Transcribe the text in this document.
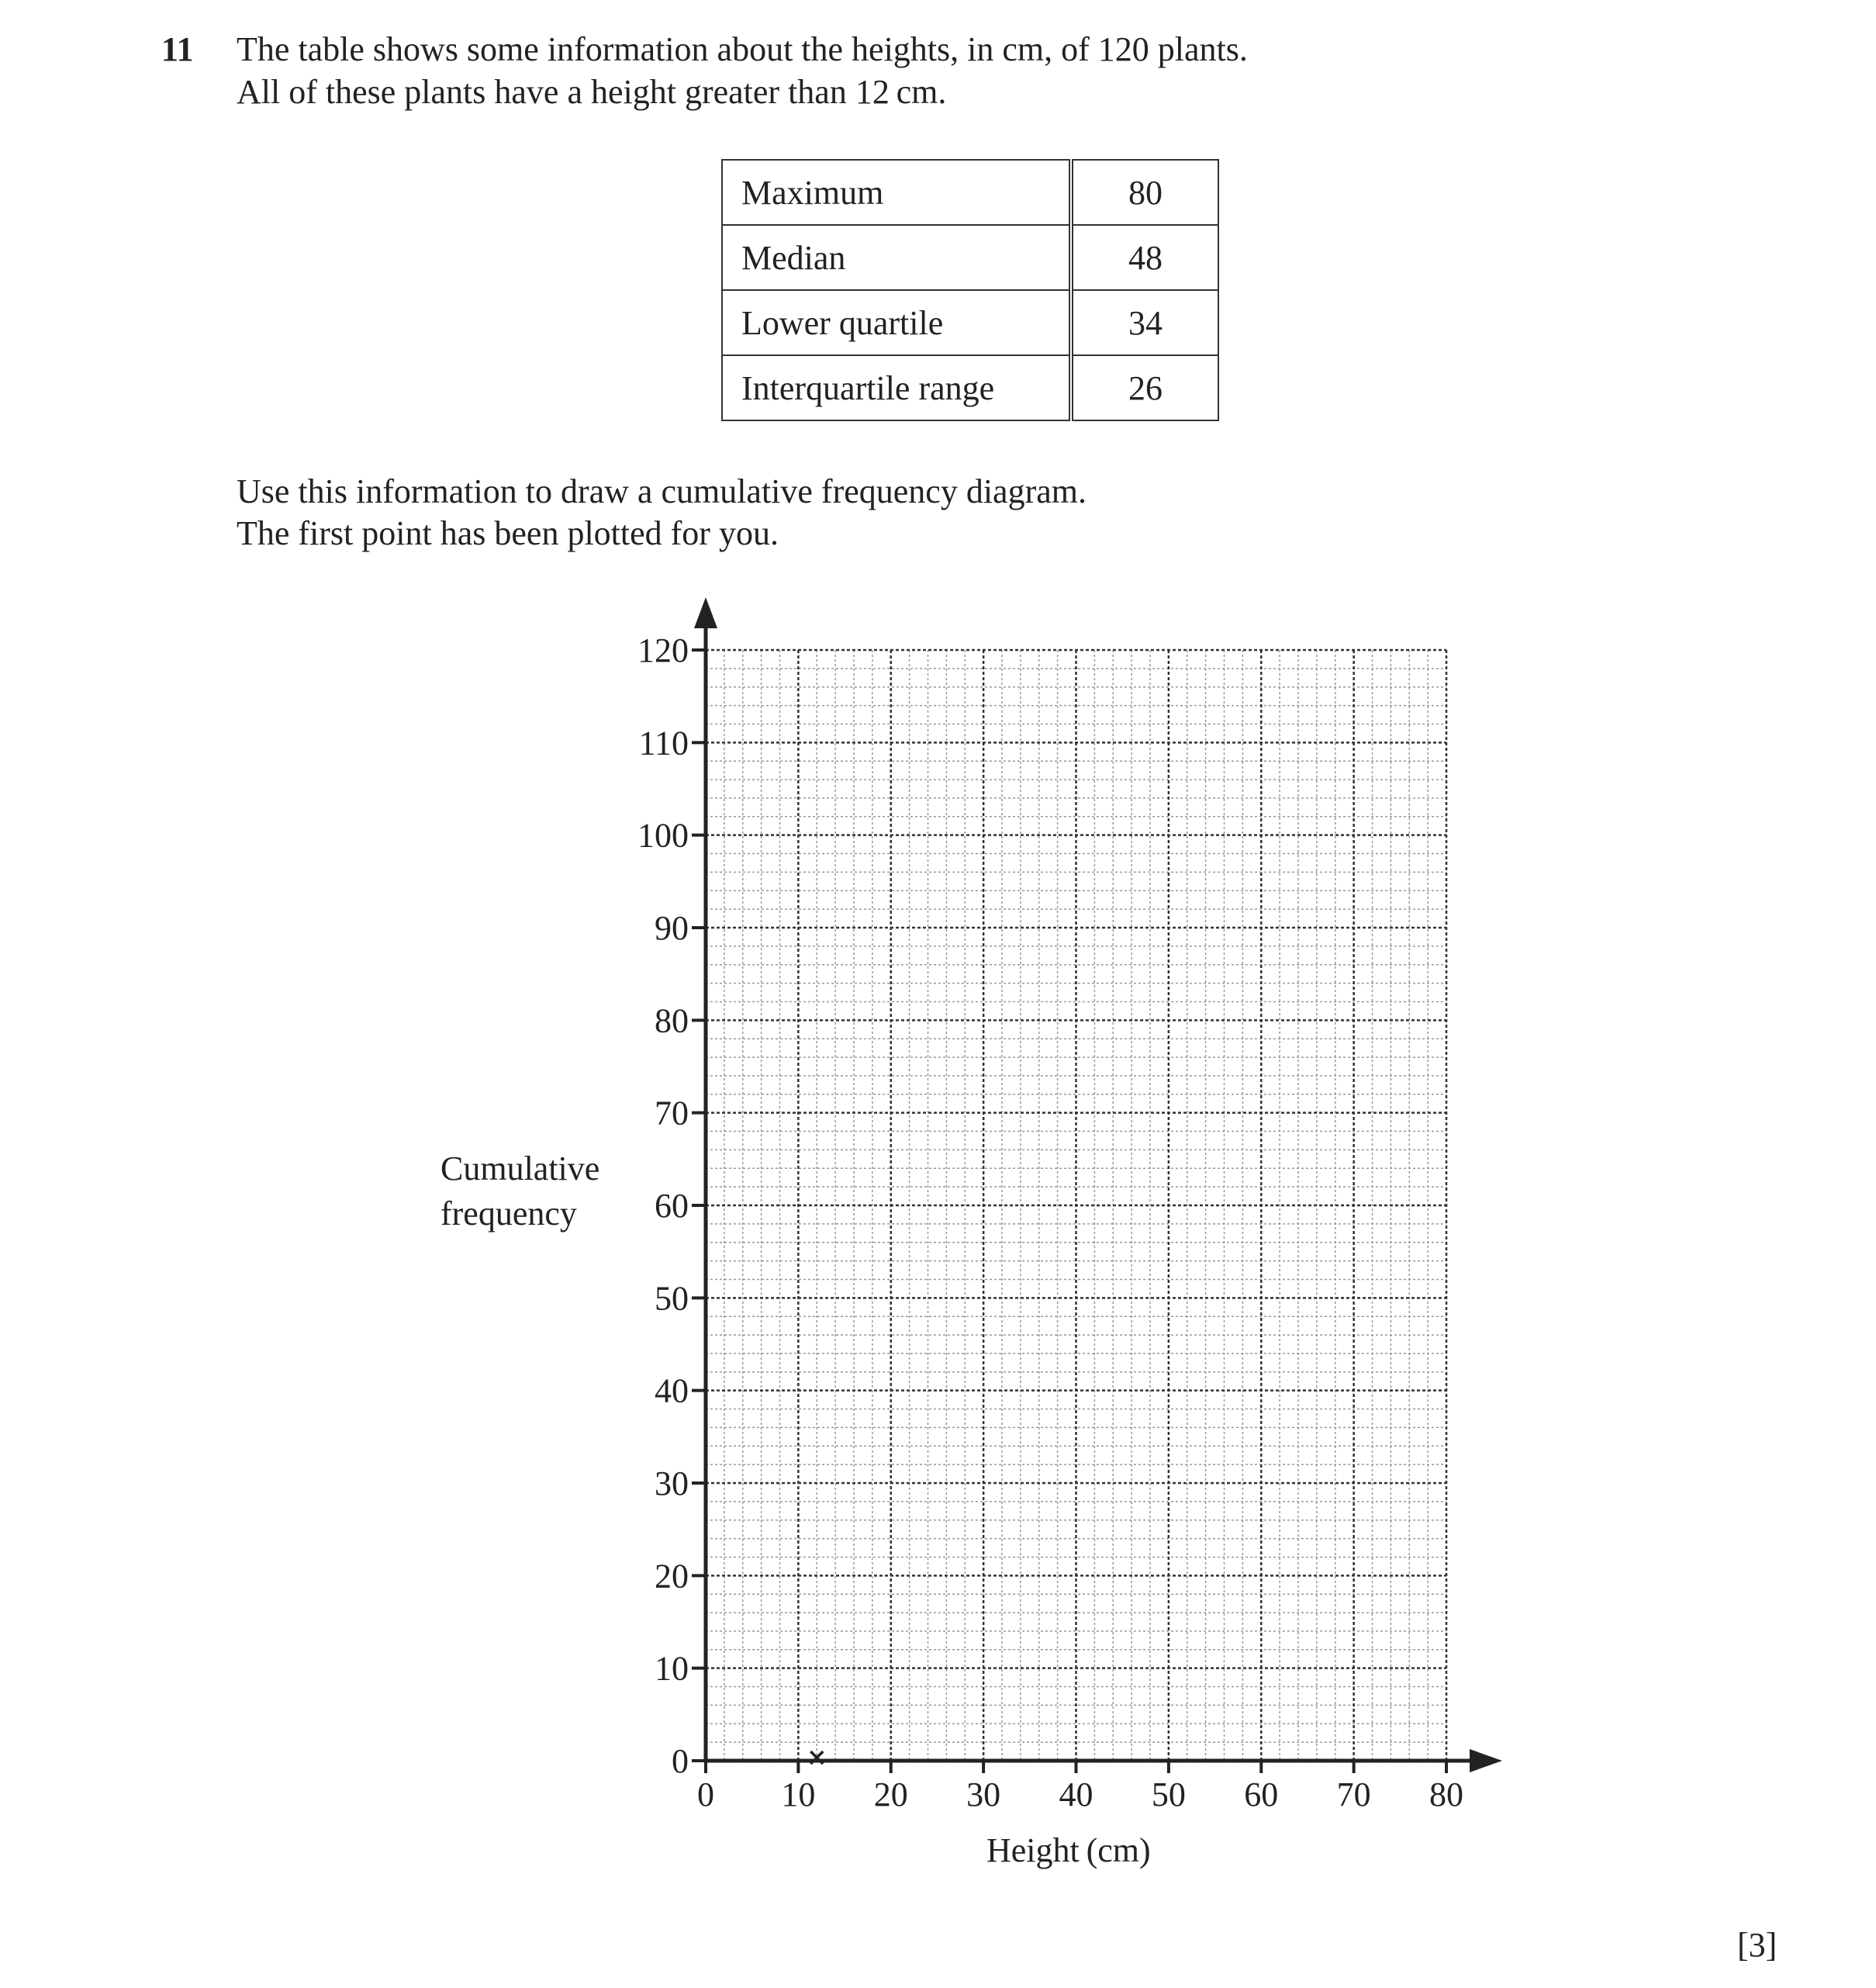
11 The table shows some information about the heights, in cm, of 120 plants.
All of these plants have a height greater than 12 cm.
Maximum	80
Median	48
Lower quartile	34
Interquartile range	26
Use this information to draw a cumulative frequency diagram.
The first point has been plotted for you.
0
10
20
30
40
50
60
70
80
90
100
110
120
0 10 20 30 40 50 60 70 80
Cumulative
frequency
Height (cm)
[3]
